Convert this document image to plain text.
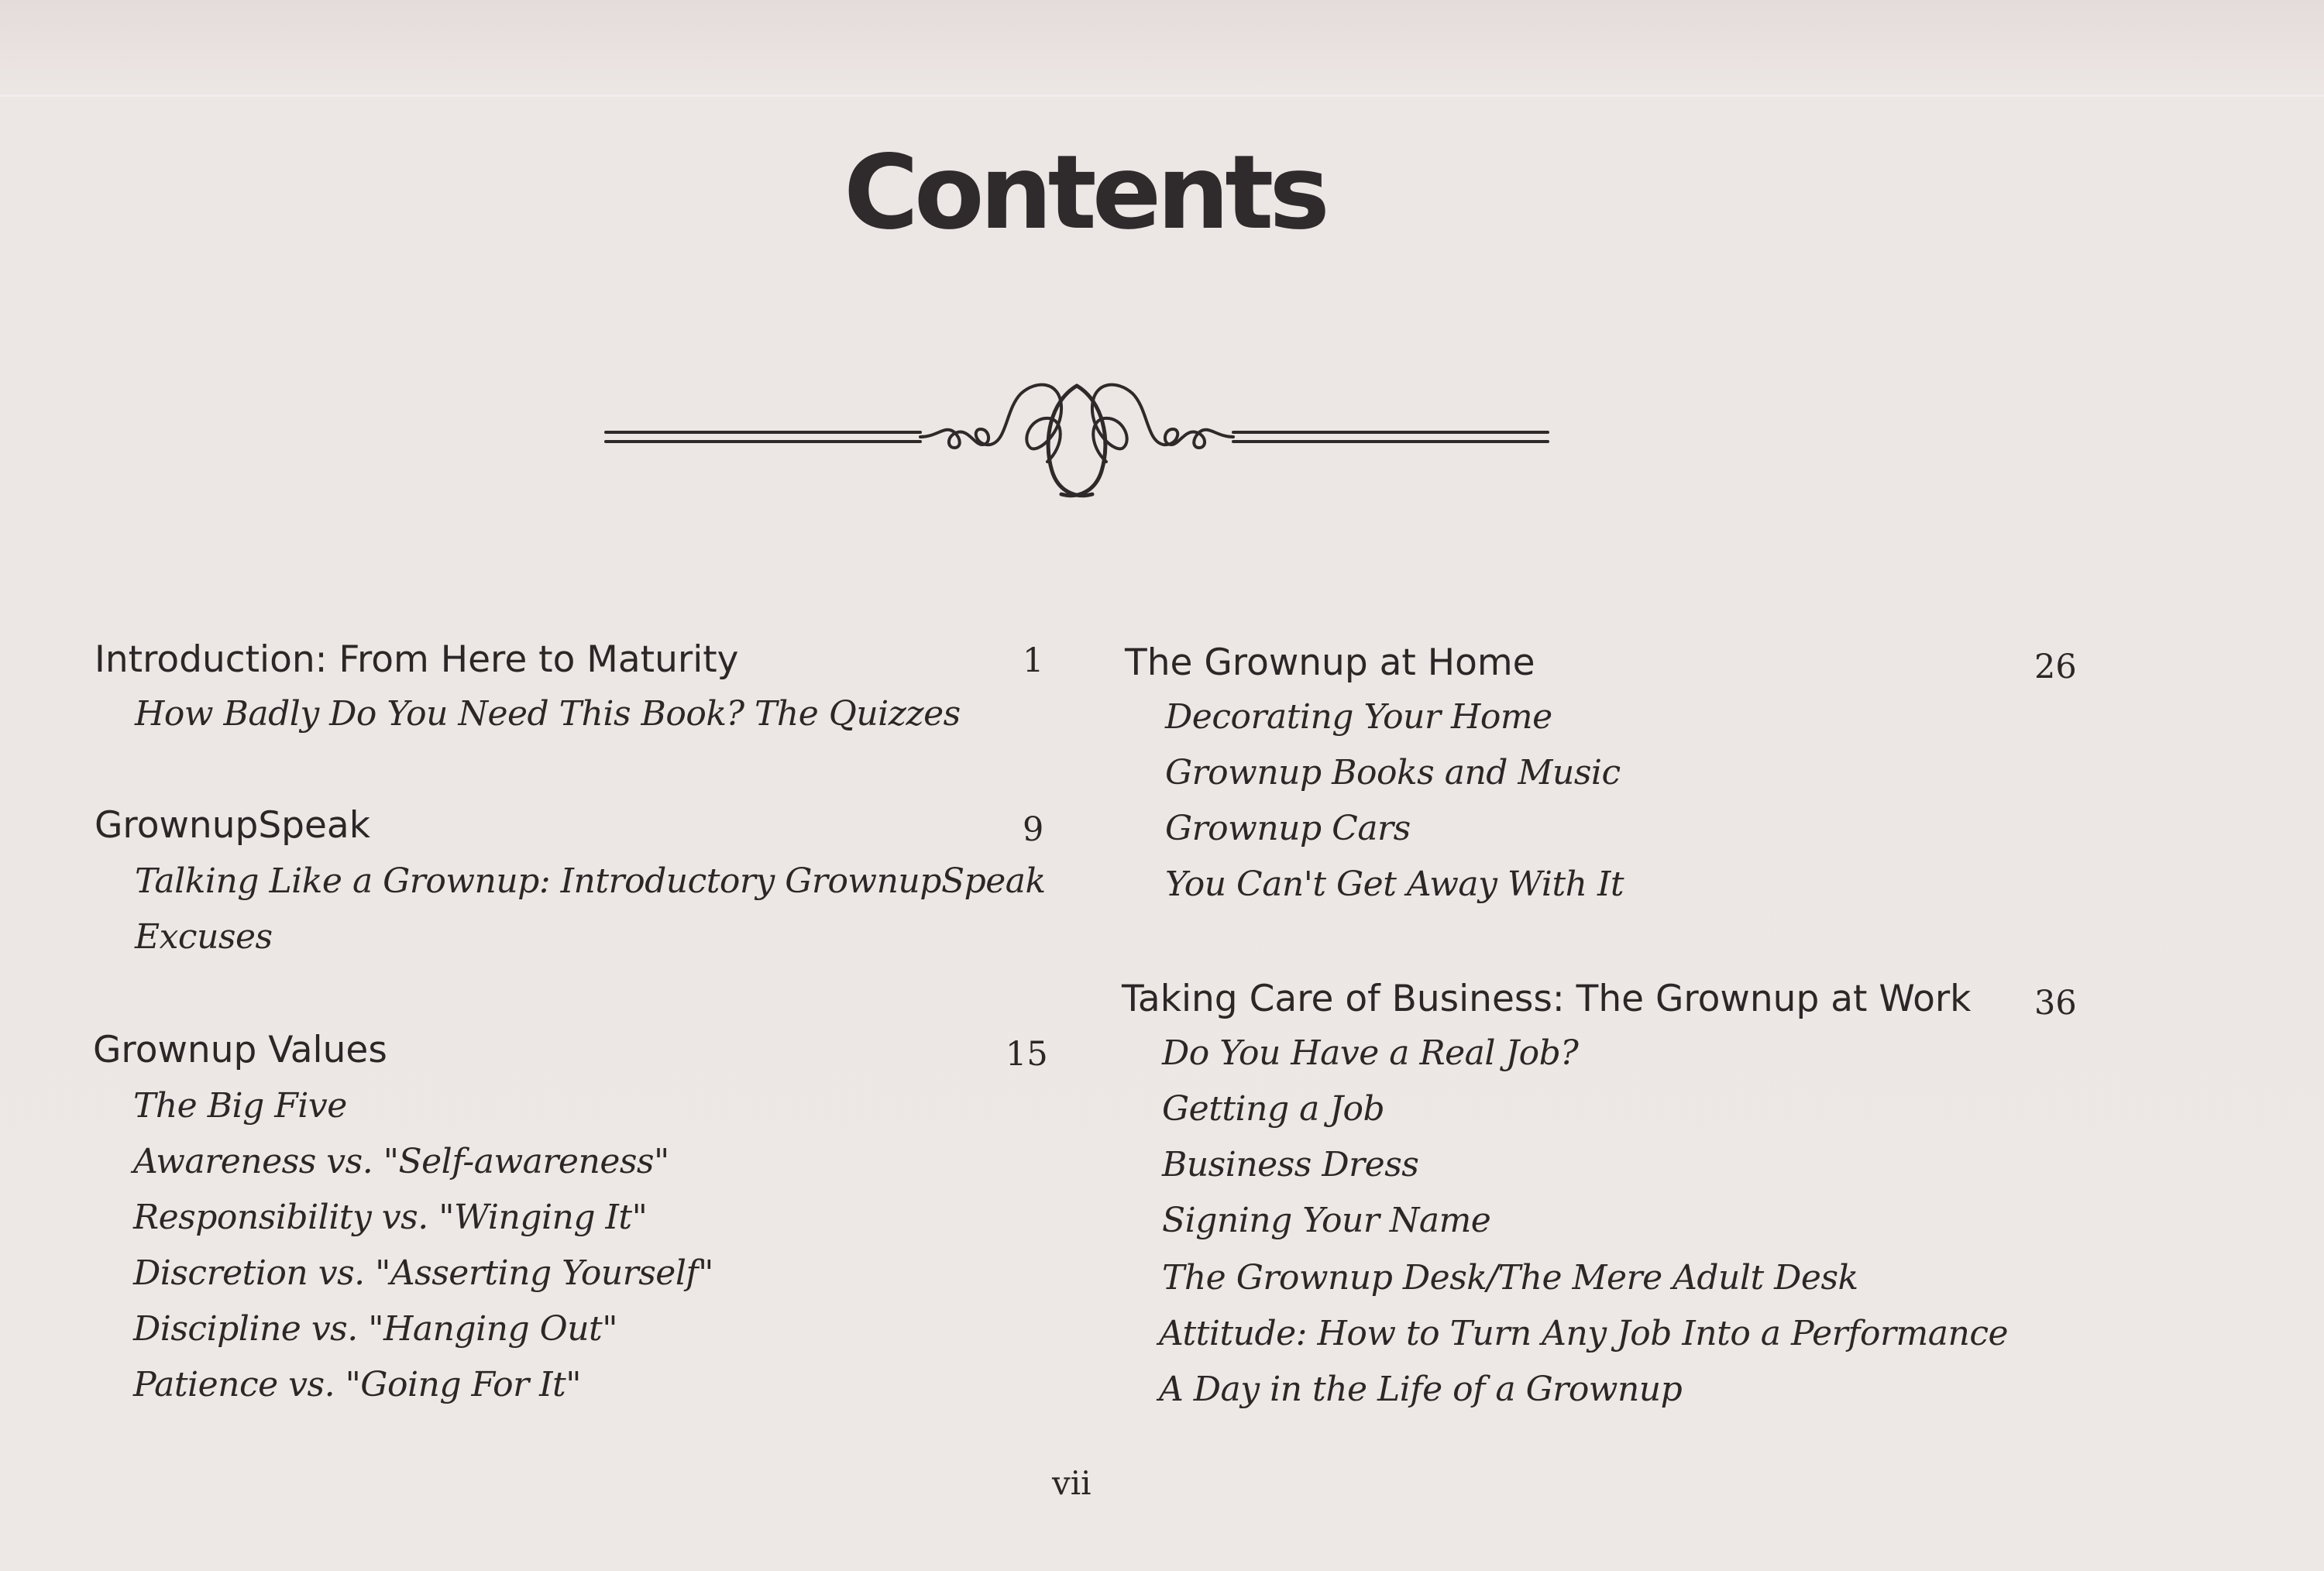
Contents
Introduction: From Here to Maturity	1
How Badly Do You Need This Book? The Quizzes
GrownupSpeak	9
Talking Like a Grownup: Introductory GrownupSpeak
Excuses
Grownup Values	15
The Big Five
Awareness vs. "Self-awareness"
Responsibility vs. "Winging It"
Discretion vs. "Asserting Yourself"
Discipline vs. "Hanging Out"
Patience vs. "Going For It"
The Grownup at Home	26
Decorating Your Home
Grownup Books and Music
Grownup Cars
You Can't Get Away With It
Taking Care of Business: The Grownup at Work 36
Do You Have a Real Job?
Getting a Job
Business Dress
Signing Your Name
The Grownup Desk/The Mere Adult Desk
Attitude: How to Turn Any Job Into a Performance
A Day in the Life of a Grownup
vii
